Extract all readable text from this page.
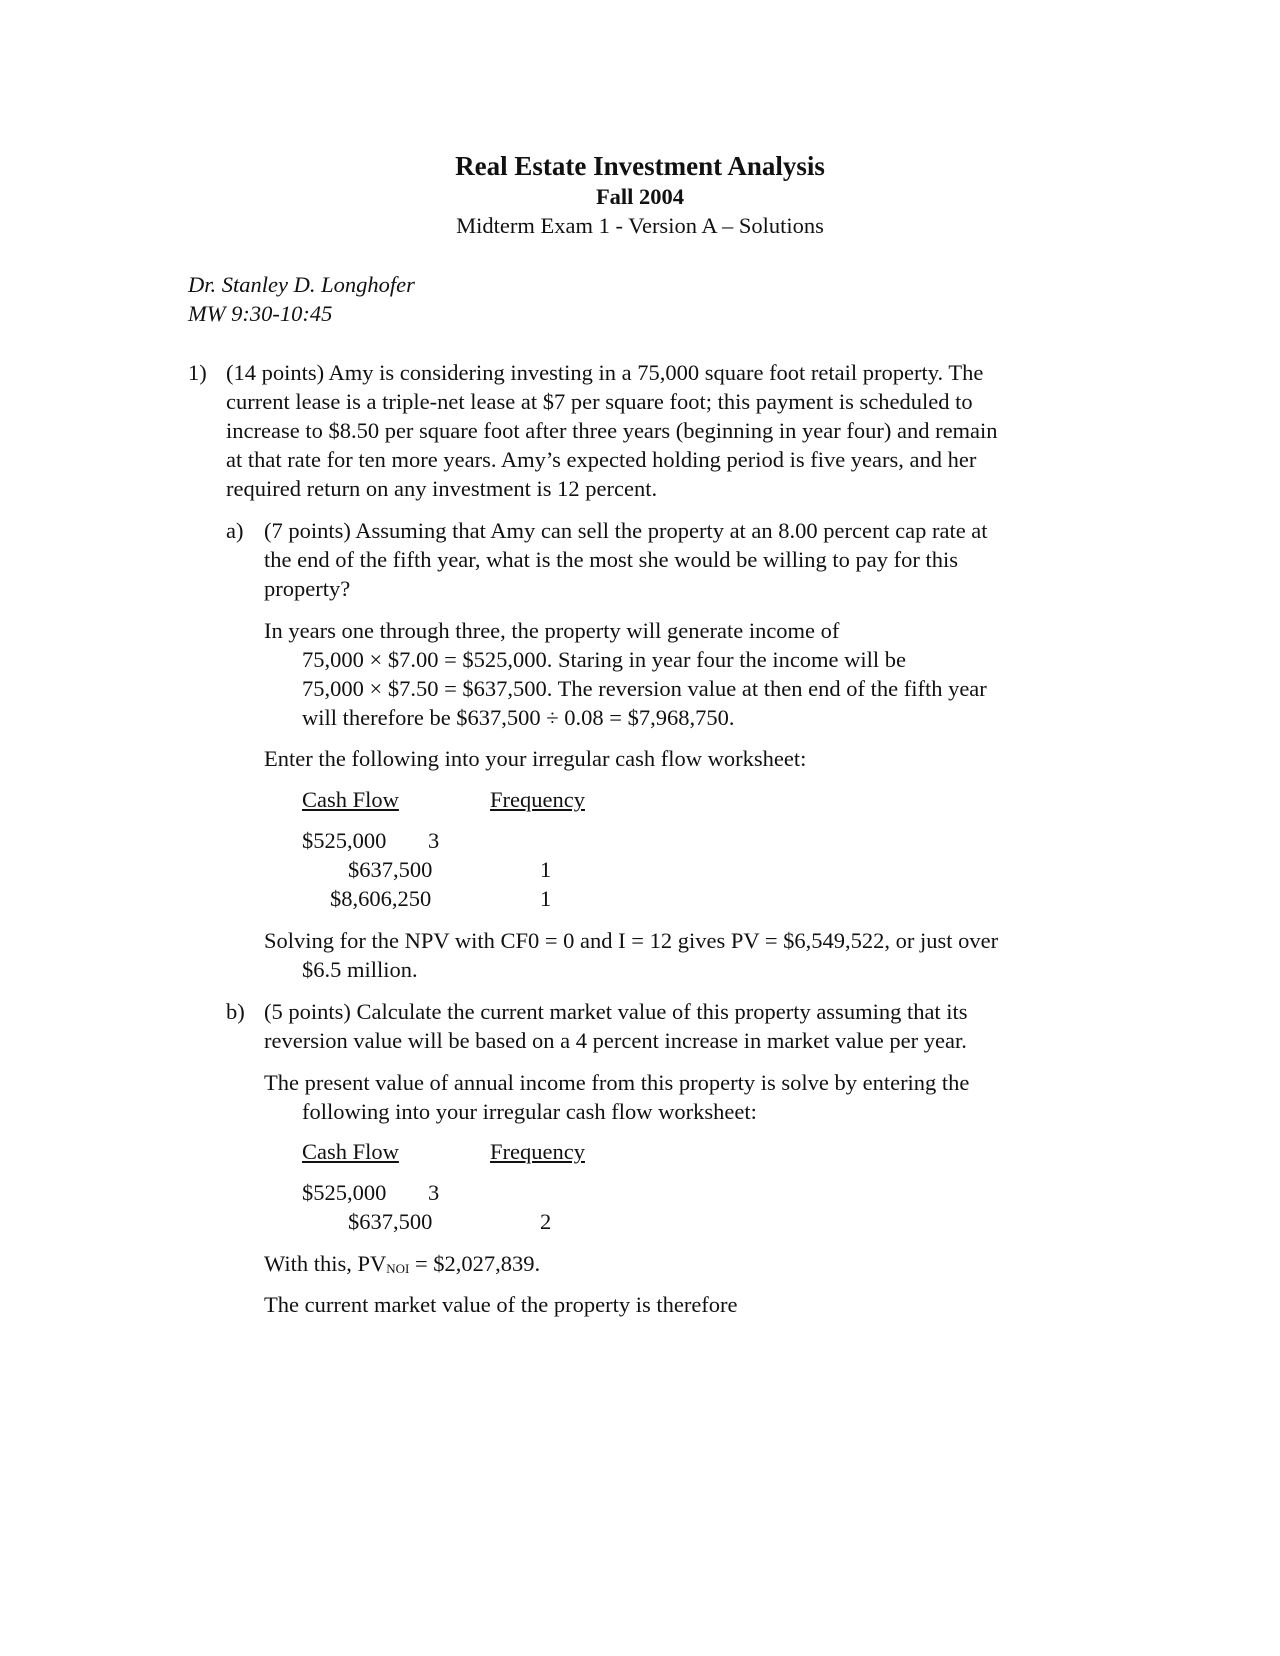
Real Estate Investment Analysis
Fall 2004
Midterm Exam 1 - Version A – Solutions
Dr. Stanley D. Longhofer
MW 9:30-10:45
1) (14 points) Amy is considering investing in a 75,000 square foot retail property. The
current lease is a triple-net lease at $7 per square foot; this payment is scheduled to
increase to $8.50 per square foot after three years (beginning in year four) and remain
at that rate for ten more years. Amy’s expected holding period is five years, and her
required return on any investment is 12 percent.
a) (7 points) Assuming that Amy can sell the property at an 8.00 percent cap rate at
the end of the fifth year, what is the most she would be willing to pay for this
property?
In years one through three, the property will generate income of
75,000 × $7.00 = $525,000. Staring in year four the income will be
75,000 × $7.50 = $637,500. The reversion value at then end of the fifth year
will therefore be $637,500 ÷ 0.08 = $7,968,750.
Enter the following into your irregular cash flow worksheet:
Cash Flow	Frequency
$525,000 3
$637,500	1
$8,606,250	1
Solving for the NPV with CF0 = 0 and I = 12 gives PV = $6,549,522, or just over
$6.5 million.
b) (5 points) Calculate the current market value of this property assuming that its
reversion value will be based on a 4 percent increase in market value per year.
The present value of annual income from this property is solve by entering the
following into your irregular cash flow worksheet:
Cash Flow	Frequency
$525,000 3
$637,500	2
With this, PVNOI = $2,027,839.
The current market value of the property is therefore
